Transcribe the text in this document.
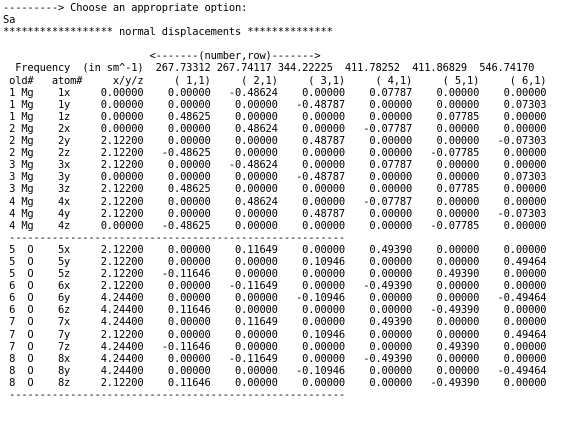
---------> Choose an appropriate option:
Sa
****************** normal displacements **************
<-------(number,row)------->
Frequency  (in sm^-1)  267.73312 267.74117 344.22225  411.78252  411.86829  546.74170
old#   atom#     x/y/z     ( 1,1)     ( 2,1)     ( 3,1)     ( 4,1)     ( 5,1)     ( 6,1)
1 Mg    1x     0.00000    0.00000   -0.48624    0.00000    0.07787    0.00000    0.00000
1 Mg    1y     0.00000    0.00000    0.00000   -0.48787    0.00000    0.00000    0.07303
1 Mg    1z     0.00000    0.48625    0.00000    0.00000    0.00000    0.07785    0.00000
2 Mg    2x     0.00000    0.00000    0.48624    0.00000   -0.07787    0.00000    0.00000
2 Mg    2y     2.12200    0.00000    0.00000    0.48787    0.00000    0.00000   -0.07303
2 Mg    2z     2.12200   -0.48625    0.00000    0.00000    0.00000   -0.07785    0.00000
3 Mg    3x     2.12200    0.00000   -0.48624    0.00000    0.07787    0.00000    0.00000
3 Mg    3y     0.00000    0.00000    0.00000   -0.48787    0.00000    0.00000    0.07303
3 Mg    3z     2.12200    0.48625    0.00000    0.00000    0.00000    0.07785    0.00000
4 Mg    4x     2.12200    0.00000    0.48624    0.00000   -0.07787    0.00000    0.00000
4 Mg    4y     2.12200    0.00000    0.00000    0.48787    0.00000    0.00000   -0.07303
4 Mg    4z     0.00000   -0.48625    0.00000    0.00000    0.00000   -0.07785    0.00000
-------------------------------------------------------
5  O    5x     2.12200    0.00000    0.11649    0.00000    0.49390    0.00000    0.00000
5  O    5y     2.12200    0.00000    0.00000    0.10946    0.00000    0.00000    0.49464
5  O    5z     2.12200   -0.11646    0.00000    0.00000    0.00000    0.49390    0.00000
6  O    6x     2.12200    0.00000   -0.11649    0.00000   -0.49390    0.00000    0.00000
6  O    6y     4.24400    0.00000    0.00000   -0.10946    0.00000    0.00000   -0.49464
6  O    6z     4.24400    0.11646    0.00000    0.00000    0.00000   -0.49390    0.00000
7  O    7x     4.24400    0.00000    0.11649    0.00000    0.49390    0.00000    0.00000
7  O    7y     2.12200    0.00000    0.00000    0.10946    0.00000    0.00000    0.49464
7  O    7z     4.24400   -0.11646    0.00000    0.00000    0.00000    0.49390    0.00000
8  O    8x     4.24400    0.00000   -0.11649    0.00000   -0.49390    0.00000    0.00000
8  O    8y     4.24400    0.00000    0.00000   -0.10946    0.00000    0.00000   -0.49464
8  O    8z     2.12200    0.11646    0.00000    0.00000    0.00000   -0.49390    0.00000
-------------------------------------------------------
